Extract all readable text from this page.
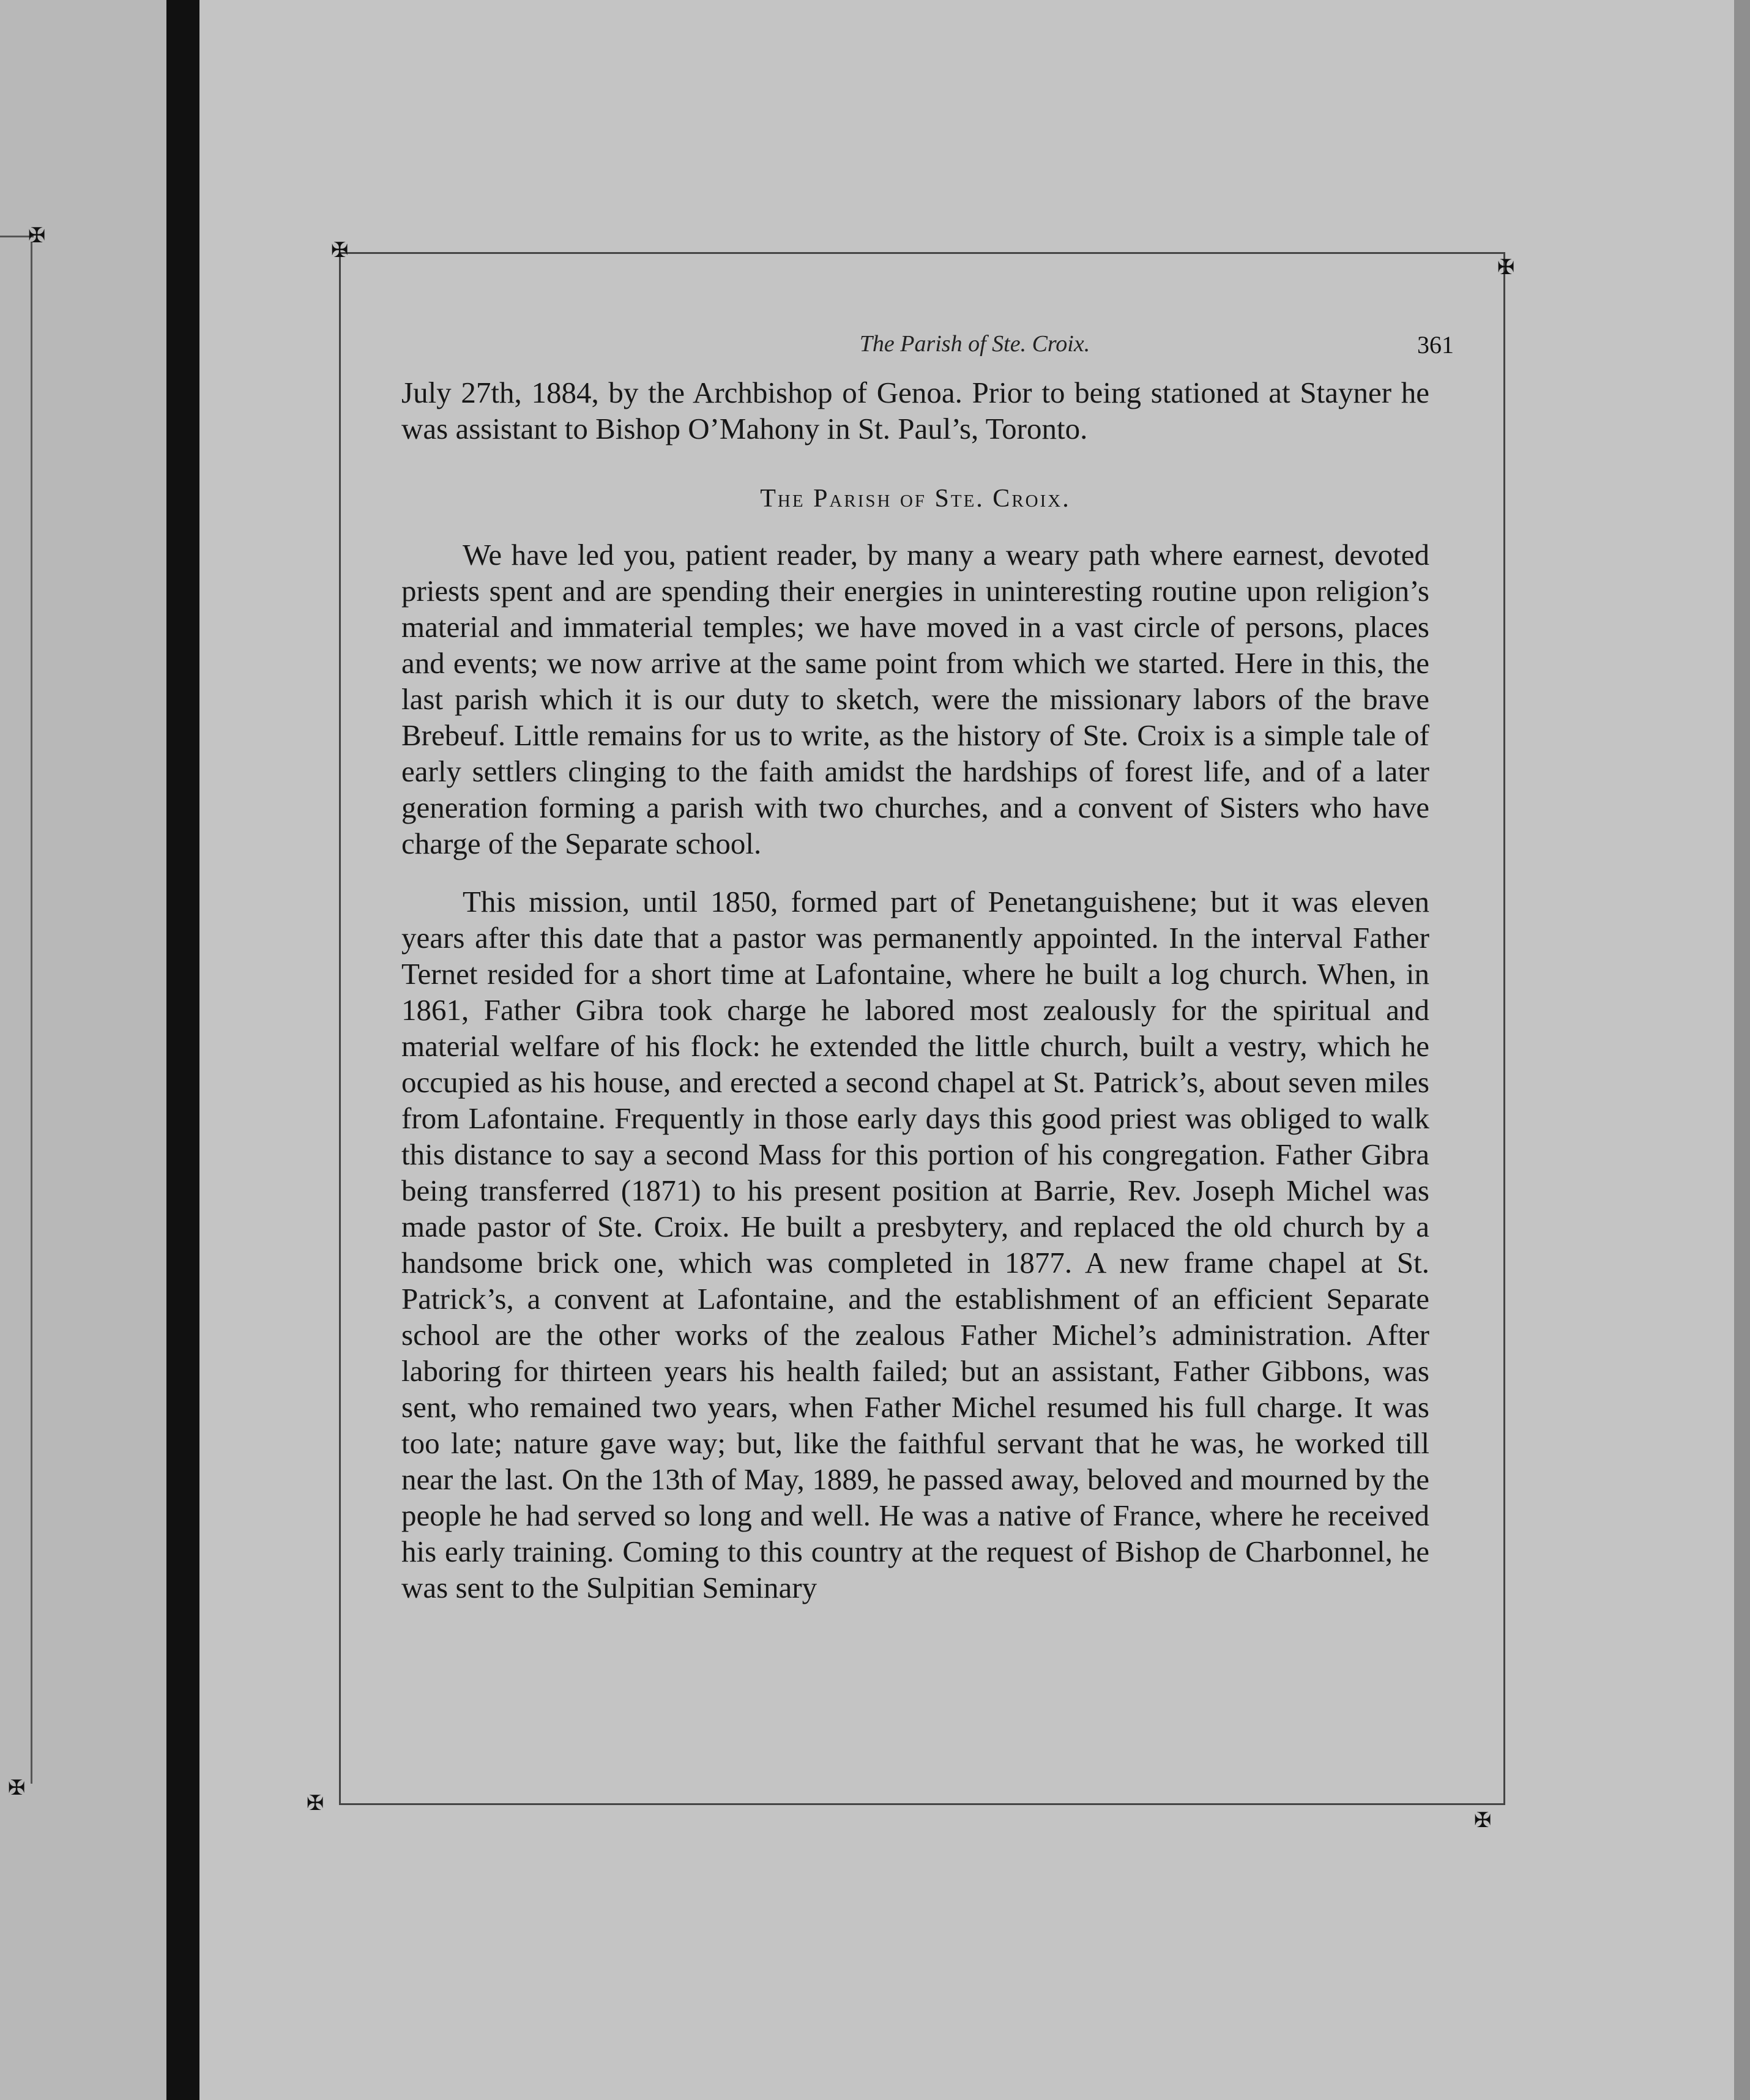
✠
✠
✠
✠
✠
✠
The Parish of Ste. Croix.	361

July 27th, 1884, by the Archbishop of Genoa. Prior to being stationed at Stayner he was assistant to Bishop O’Mahony in St. Paul’s, Toronto.

The Parish of Ste. Croix.

We have led you, patient reader, by many a weary path where earnest, devoted priests spent and are spending their energies in uninteresting routine upon religion’s material and immaterial temples; we have moved in a vast circle of persons, places and events; we now arrive at the same point from which we started. Here in this, the last parish which it is our duty to sketch, were the missionary labors of the brave Brebeuf. Little remains for us to write, as the history of Ste. Croix is a simple tale of early settlers clinging to the faith amidst the hardships of forest life, and of a later generation forming a parish with two churches, and a convent of Sisters who have charge of the Separate school.

This mission, until 1850, formed part of Penetanguishene; but it was eleven years after this date that a pastor was permanently appointed. In the interval Father Ternet resided for a short time at Lafontaine, where he built a log church. When, in 1861, Father Gibra took charge he labored most zealously for the spiritual and material welfare of his flock: he extended the little church, built a vestry, which he occupied as his house, and erected a second chapel at St. Patrick’s, about seven miles from Lafontaine. Frequently in those early days this good priest was obliged to walk this distance to say a second Mass for this portion of his congregation. Father Gibra being transferred (1871) to his present position at Barrie, Rev. Joseph Michel was made pastor of Ste. Croix. He built a presbytery, and replaced the old church by a handsome brick one, which was completed in 1877. A new frame chapel at St. Patrick’s, a convent at Lafontaine, and the establishment of an efficient Separate school are the other works of the zealous Father Michel’s administration. After laboring for thirteen years his health failed; but an assistant, Father Gibbons, was sent, who remained two years, when Father Michel resumed his full charge. It was too late; nature gave way; but, like the faithful servant that he was, he worked till near the last. On the 13th of May, 1889, he passed away, beloved and mourned by the people he had served so long and well. He was a native of France, where he received his early training. Coming to this country at the request of Bishop de Charbonnel, he was sent to the Sulpitian Seminary
